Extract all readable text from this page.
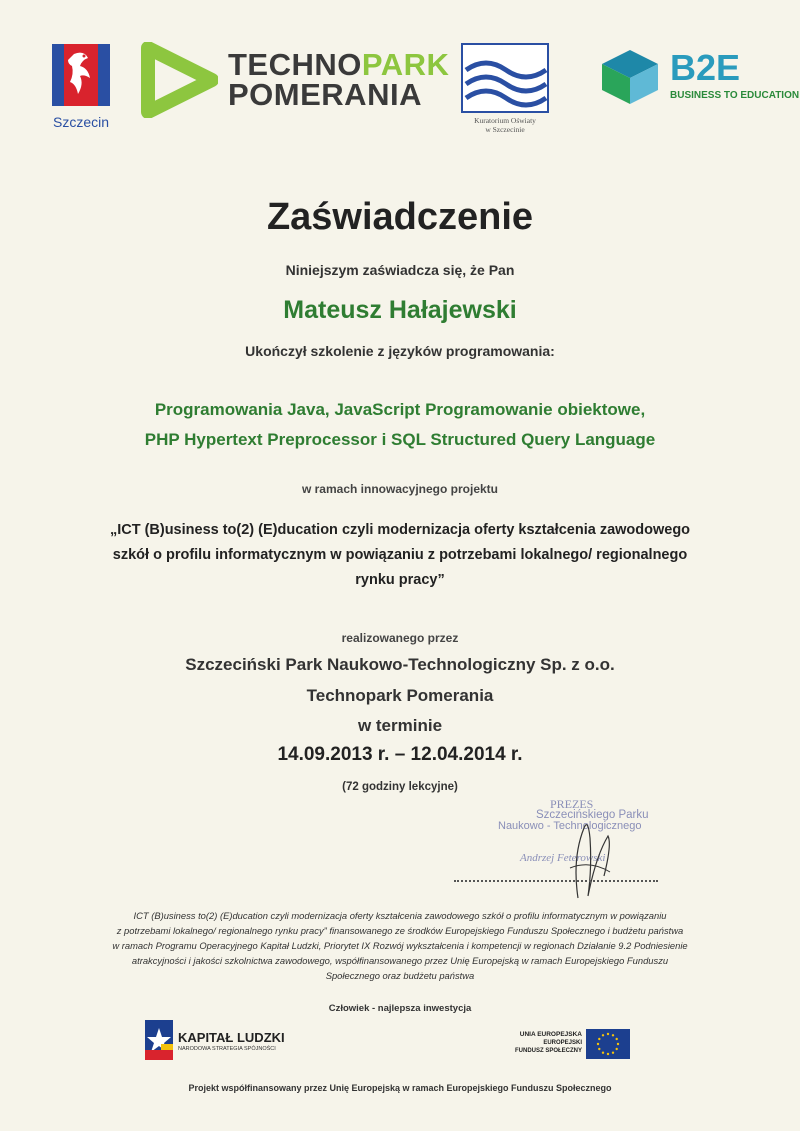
Szczecin
TECHNOPARK
POMERANIA
Kuratorium Oświaty
w Szczecinie
B2E
BUSINESS TO EDUCATION
Zaświadczenie
Niniejszym zaświadcza się, że Pan
Mateusz Hałajewski
Ukończył szkolenie z języków programowania:
Programowania Java, JavaScript Programowanie obiektowe,
PHP Hypertext Preprocessor i SQL Structured Query Language
w ramach innowacyjnego projektu
„ICT (B)usiness to(2) (E)ducation czyli modernizacja oferty kształcenia zawodowego
szkół o profilu informatycznym w powiązaniu z potrzebami lokalnego/ regionalnego
rynku pracy”
realizowanego przez
Szczeciński Park Naukowo-Technologiczny Sp. z o.o.
Technopark Pomerania
w terminie
14.09.2013 r. – 12.04.2014 r.
(72 godziny lekcyjne)
PREZES
Szczecińskiego Parku
Naukowo - Technologicznego
Andrzej Feterowski
ICT (B)usiness to(2) (E)ducation czyli modernizacja oferty kształcenia zawodowego szkół o profilu informatycznym w powiązaniu
z potrzebami lokalnego/ regionalnego rynku pracy” finansowanego ze środków Europejskiego Funduszu Społecznego i budżetu państwa
w ramach Programu Operacyjnego Kapitał Ludzki, Priorytet IX Rozwój wykształcenia i kompetencji w regionach Działanie 9.2 Podniesienie
atrakcyjności i jakości szkolnictwa zawodowego, współfinansowanego przez Unię Europejską w ramach Europejskiego Funduszu
Społecznego oraz budżetu państwa
Człowiek - najlepsza inwestycja
KAPITAŁ LUDZKI
NARODOWA STRATEGIA SPÓJNOŚCI
UNIA EUROPEJSKA
EUROPEJSKI
FUNDUSZ SPOŁECZNY
Projekt współfinansowany przez Unię Europejską w ramach Europejskiego Funduszu Społecznego
